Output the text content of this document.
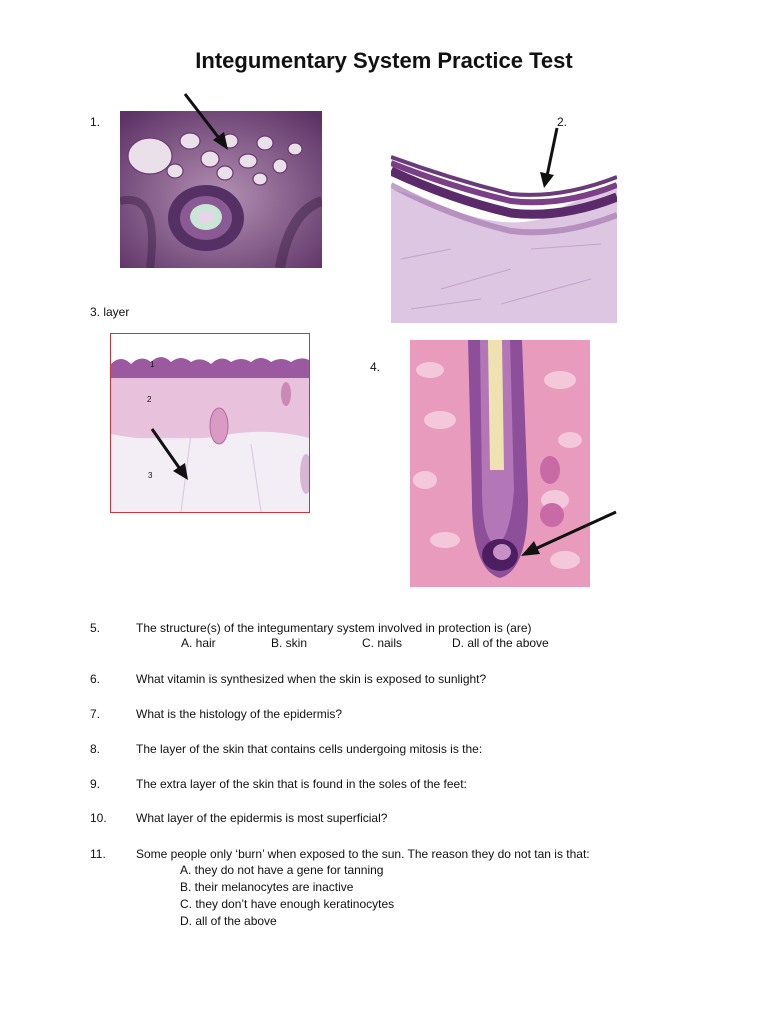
Integumentary System Practice Test
1.	2.
3. layer
1
2
3
4.
5.	The structure(s) of the integumentary system involved in protection is (are)
A. hair	B. skin	C. nails	D. all of the above
6.	What vitamin is synthesized when the skin is exposed to sunlight?
7.	What is the histology of the epidermis?
8.	The layer of the skin that contains cells undergoing mitosis is the:
9.	The extra layer of the skin that is found in the soles of the feet:
10. What layer of the epidermis is most superficial?
11.	Some people only ‘burn’ when exposed to the sun. The reason they do not tan is that:
A. they do not have a gene for tanning
B. their melanocytes are inactive
C. they don’t have enough keratinocytes
D. all of the above
